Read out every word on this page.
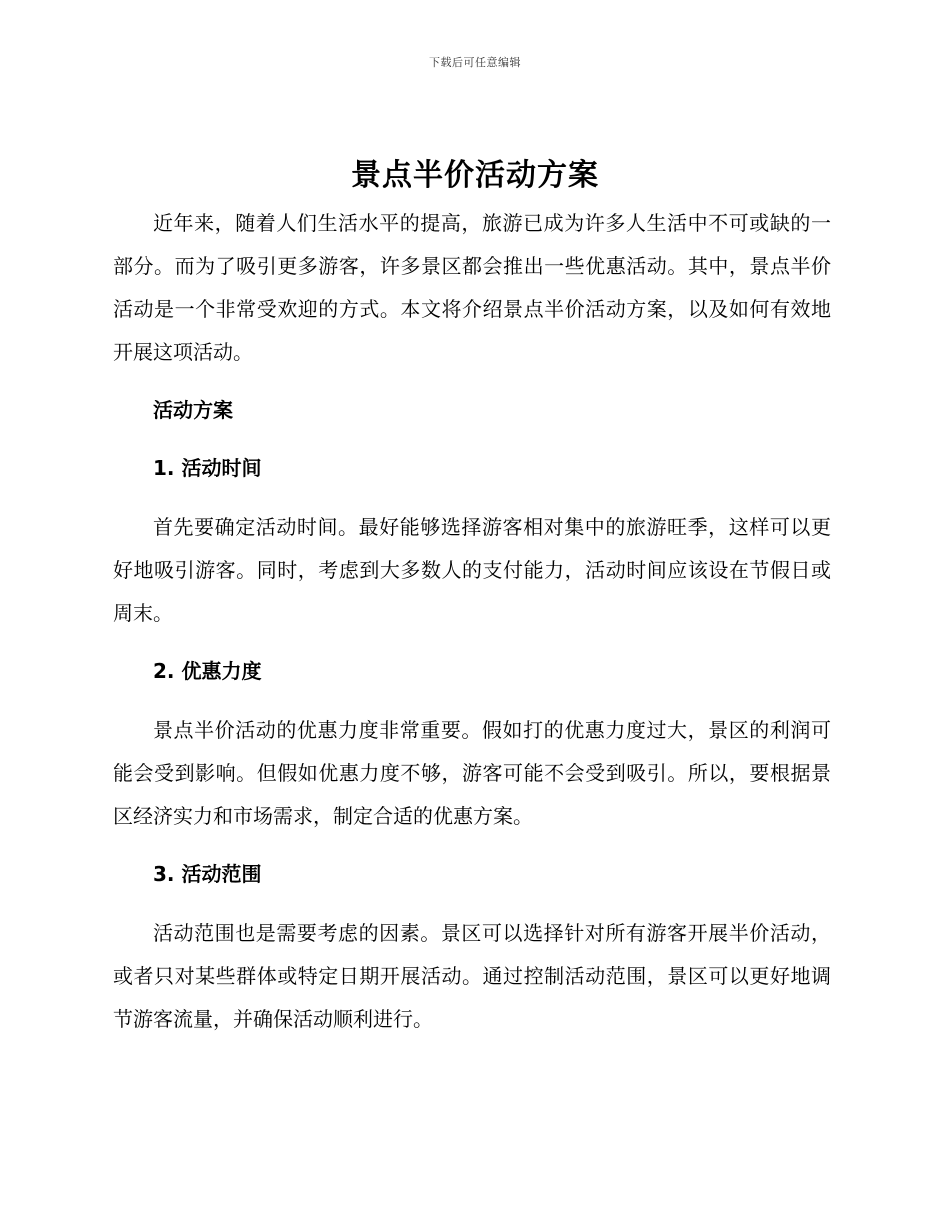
下载后可任意编辑
景点半价活动方案

近年来，随着人们生活水平的提高，旅游已成为许多人生活中不可或缺的一部分。而为了吸引更多游客，许多景区都会推出一些优惠活动。其中，景点半价活动是一个非常受欢迎的方式。本文将介绍景点半价活动方案，以及如何有效地开展这项活动。

活动方案

1. 活动时间

首先要确定活动时间。最好能够选择游客相对集中的旅游旺季，这样可以更好地吸引游客。同时，考虑到大多数人的支付能力，活动时间应该设在节假日或周末。

2. 优惠力度

景点半价活动的优惠力度非常重要。假如打的优惠力度过大，景区的利润可能会受到影响。但假如优惠力度不够，游客可能不会受到吸引。所以，要根据景区经济实力和市场需求，制定合适的优惠方案。

3. 活动范围

活动范围也是需要考虑的因素。景区可以选择针对所有游客开展半价活动，或者只对某些群体或特定日期开展活动。通过控制活动范围，景区可以更好地调节游客流量，并确保活动顺利进行。
